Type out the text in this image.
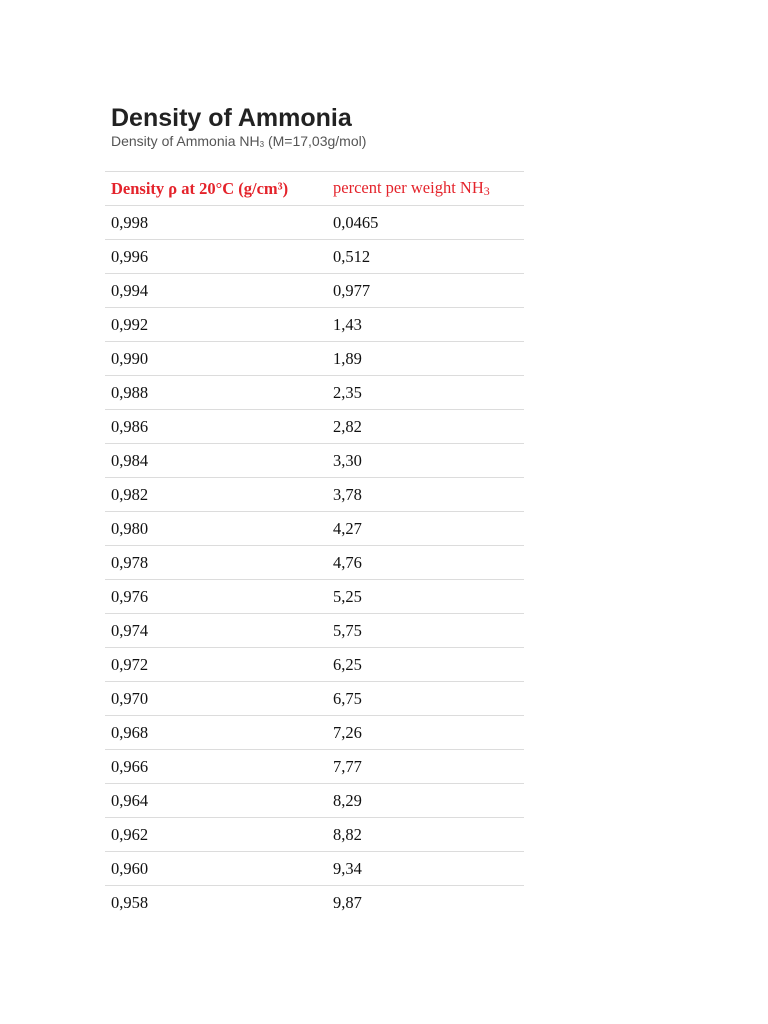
Density of Ammonia

Density of Ammonia $NH_3$ (M=17,03g/mol)

Density ρ at 20°C (g/cm³)	percent per weight NH3
0,998	0,0465
0,996	0,512
0,994	0,977
0,992	1,43
0,990	1,89
0,988	2,35
0,986	2,82
0,984	3,30
0,982	3,78
0,980	4,27
0,978	4,76
0,976	5,25
0,974	5,75
0,972	6,25
0,970	6,75
0,968	7,26
0,966	7,77
0,964	8,29
0,962	8,82
0,960	9,34
0,958	9,87
